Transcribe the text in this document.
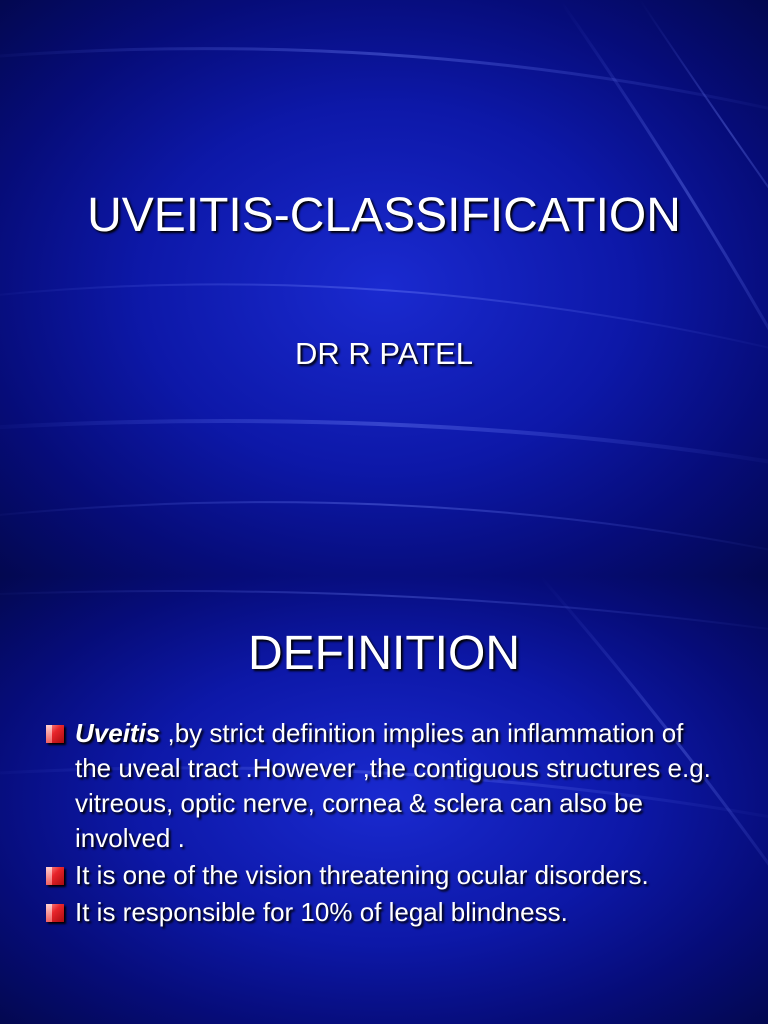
UVEITIS-CLASSIFICATION
DR R PATEL
DEFINITION
Uveitis ,by strict definition implies an inflammation of the uveal tract .However ,the contiguous structures e.g. vitreous, optic nerve, cornea & sclera can also be involved .
It is one of the vision threatening ocular disorders.
It is responsible for 10% of legal blindness.
